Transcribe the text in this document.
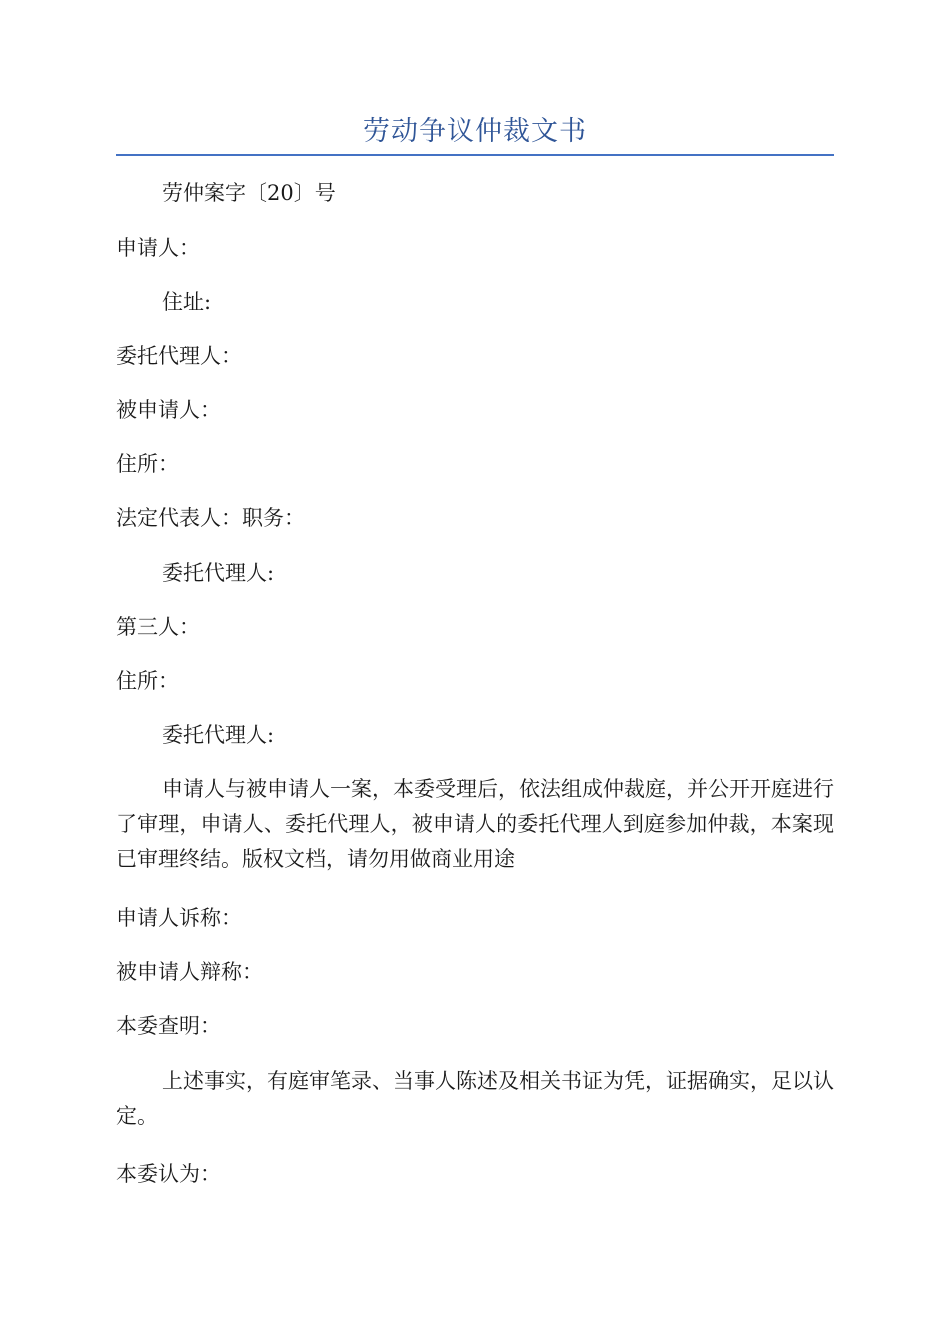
劳动争议仲裁文书

劳仲案字〔20〕号

申请人：

住址:

委托代理人：

被申请人：

住所：

法定代表人：职务：

委托代理人:

第三人：

住所：

委托代理人:

申请人与被申请人一案，本委受理后，依法组成仲裁庭，并公开开庭进行了审理，申请人、委托代理人，被申请人的委托代理人到庭参加仲裁，本案现已审理终结。版权文档，请勿用做商业用途

申请人诉称：

被申请人辩称：

本委查明：

上述事实，有庭审笔录、当事人陈述及相关书证为凭，证据确实，足以认定。

本委认为：
